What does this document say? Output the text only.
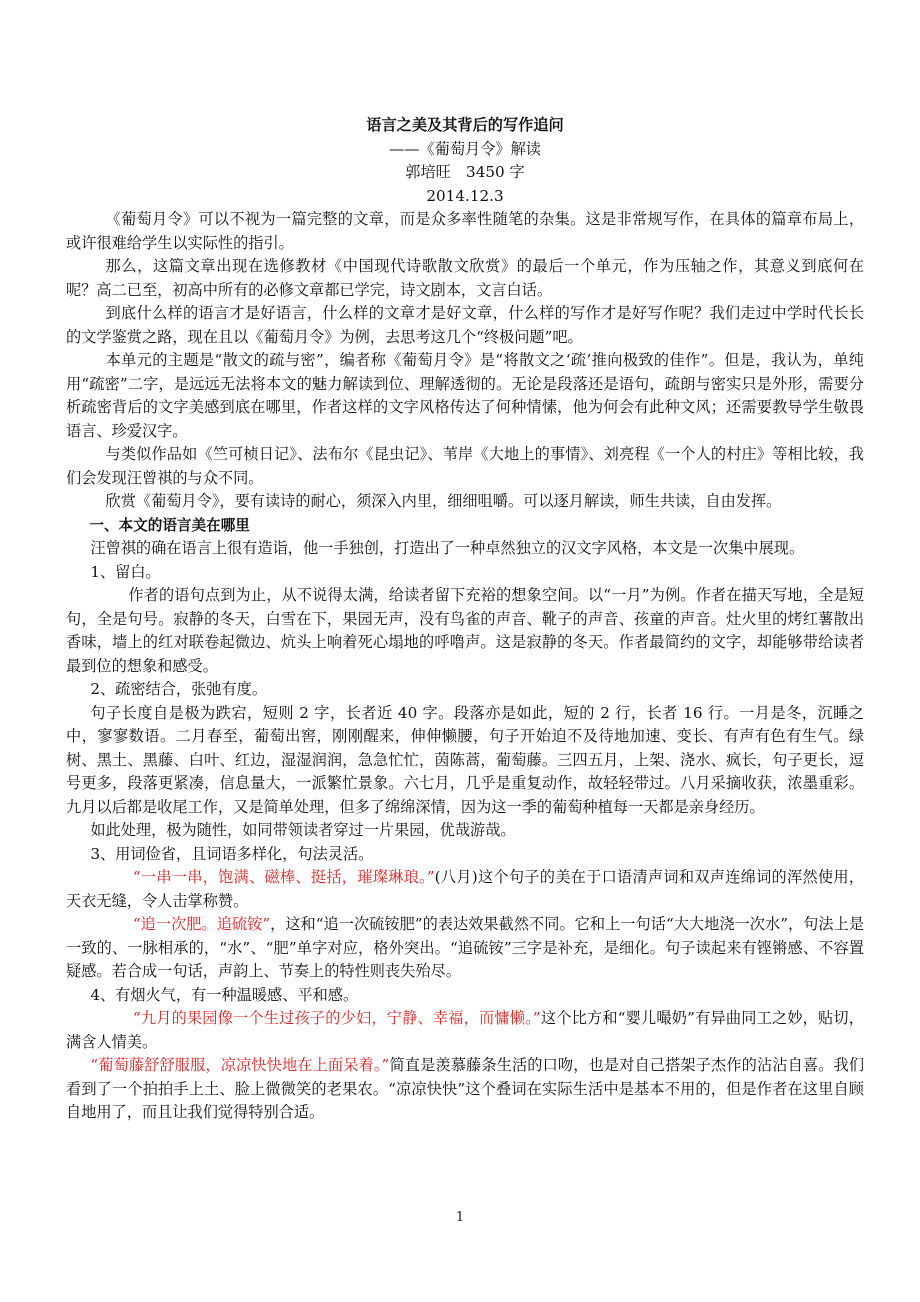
语言之美及其背后的写作追问

——《葡萄月令》解读

郭培旺　3450 字

2014.12.3

《葡萄月令》可以不视为一篇完整的文章，而是众多率性随笔的杂集。这是非常规写作，在具体的篇章布局上，或许很难给学生以实际性的指引。

那么，这篇文章出现在选修教材《中国现代诗歌散文欣赏》的最后一个单元，作为压轴之作，其意义到底何在呢？高二已至，初高中所有的必修文章都已学完，诗文剧本，文言白话。

到底什么样的语言才是好语言，什么样的文章才是好文章，什么样的写作才是好写作呢？我们走过中学时代长长的文学鉴赏之路，现在且以《葡萄月令》为例，去思考这几个“终极问题”吧。

本单元的主题是“散文的疏与密”，编者称《葡萄月令》是“将散文之‘疏’推向极致的佳作”。但是，我认为，单纯用“疏密”二字，是远远无法将本文的魅力解读到位、理解透彻的。无论是段落还是语句，疏朗与密实只是外形，需要分析疏密背后的文字美感到底在哪里，作者这样的文字风格传达了何种情愫，他为何会有此种文风；还需要教导学生敬畏语言、珍爱汉字。

与类似作品如《竺可桢日记》、法布尔《昆虫记》、苇岸《大地上的事情》、刘亮程《一个人的村庄》等相比较，我们会发现汪曾祺的与众不同。

欣赏《葡萄月令》，要有读诗的耐心，须深入内里，细细咀嚼。可以逐月解读，师生共读，自由发挥。

一、本文的语言美在哪里

汪曾祺的确在语言上很有造诣，他一手独创，打造出了一种卓然独立的汉文字风格，本文是一次集中展现。

1、留白。

作者的语句点到为止，从不说得太满，给读者留下充裕的想象空间。以“一月”为例。作者在描天写地，全是短句，全是句号。寂静的冬天，白雪在下，果园无声，没有鸟雀的声音、靴子的声音、孩童的声音。灶火里的烤红薯散出香味，墙上的红对联卷起微边、炕头上响着死心塌地的呼噜声。这是寂静的冬天。作者最简约的文字，却能够带给读者最到位的想象和感受。

2、疏密结合，张弛有度。

句子长度自是极为跌宕，短则 2 字，长者近 40 字。段落亦是如此，短的 2 行，长者 16 行。一月是冬，沉睡之中，寥寥数语。二月春至，葡萄出窖，刚刚醒来，伸伸懒腰，句子开始迫不及待地加速、变长、有声有色有生气。绿树、黑土、黑藤、白叶、红边，湿湿润润，急急忙忙，茵陈蒿，葡萄藤。三四五月，上架、浇水、疯长，句子更长，逗号更多，段落更紧凑，信息量大，一派繁忙景象。六七月，几乎是重复动作，故轻轻带过。八月采摘收获，浓墨重彩。九月以后都是收尾工作，又是简单处理，但多了绵绵深情，因为这一季的葡萄种植每一天都是亲身经历。

如此处理，极为随性，如同带领读者穿过一片果园，优哉游哉。

3、用词俭省，且词语多样化，句法灵活。

“一串一串，饱满、磁棒、挺括，璀璨琳琅。”(八月)这个句子的美在于口语清声词和双声连绵词的浑然使用，天衣无缝，令人击掌称赞。

“追一次肥。追硫铵”，这和“追一次硫铵肥”的表达效果截然不同。它和上一句话“大大地浇一次水”，句法上是一致的、一脉相承的，“水”、“肥”单字对应，格外突出。“追硫铵”三字是补充，是细化。句子读起来有铿锵感、不容置疑感。若合成一句话，声韵上、节奏上的特性则丧失殆尽。

4、有烟火气，有一种温暖感、平和感。

“九月的果园像一个生过孩子的少妇，宁静、幸福，而慵懒。”这个比方和“婴儿嘬奶”有异曲同工之妙，贴切，满含人情美。

“葡萄藤舒舒服服，凉凉快快地在上面呆着。”简直是羡慕藤条生活的口吻，也是对自己搭架子杰作的沾沾自喜。我们看到了一个拍拍手上土、脸上微微笑的老果农。“凉凉快快”这个叠词在实际生活中是基本不用的，但是作者在这里自顾自地用了，而且让我们觉得特别合适。

1
